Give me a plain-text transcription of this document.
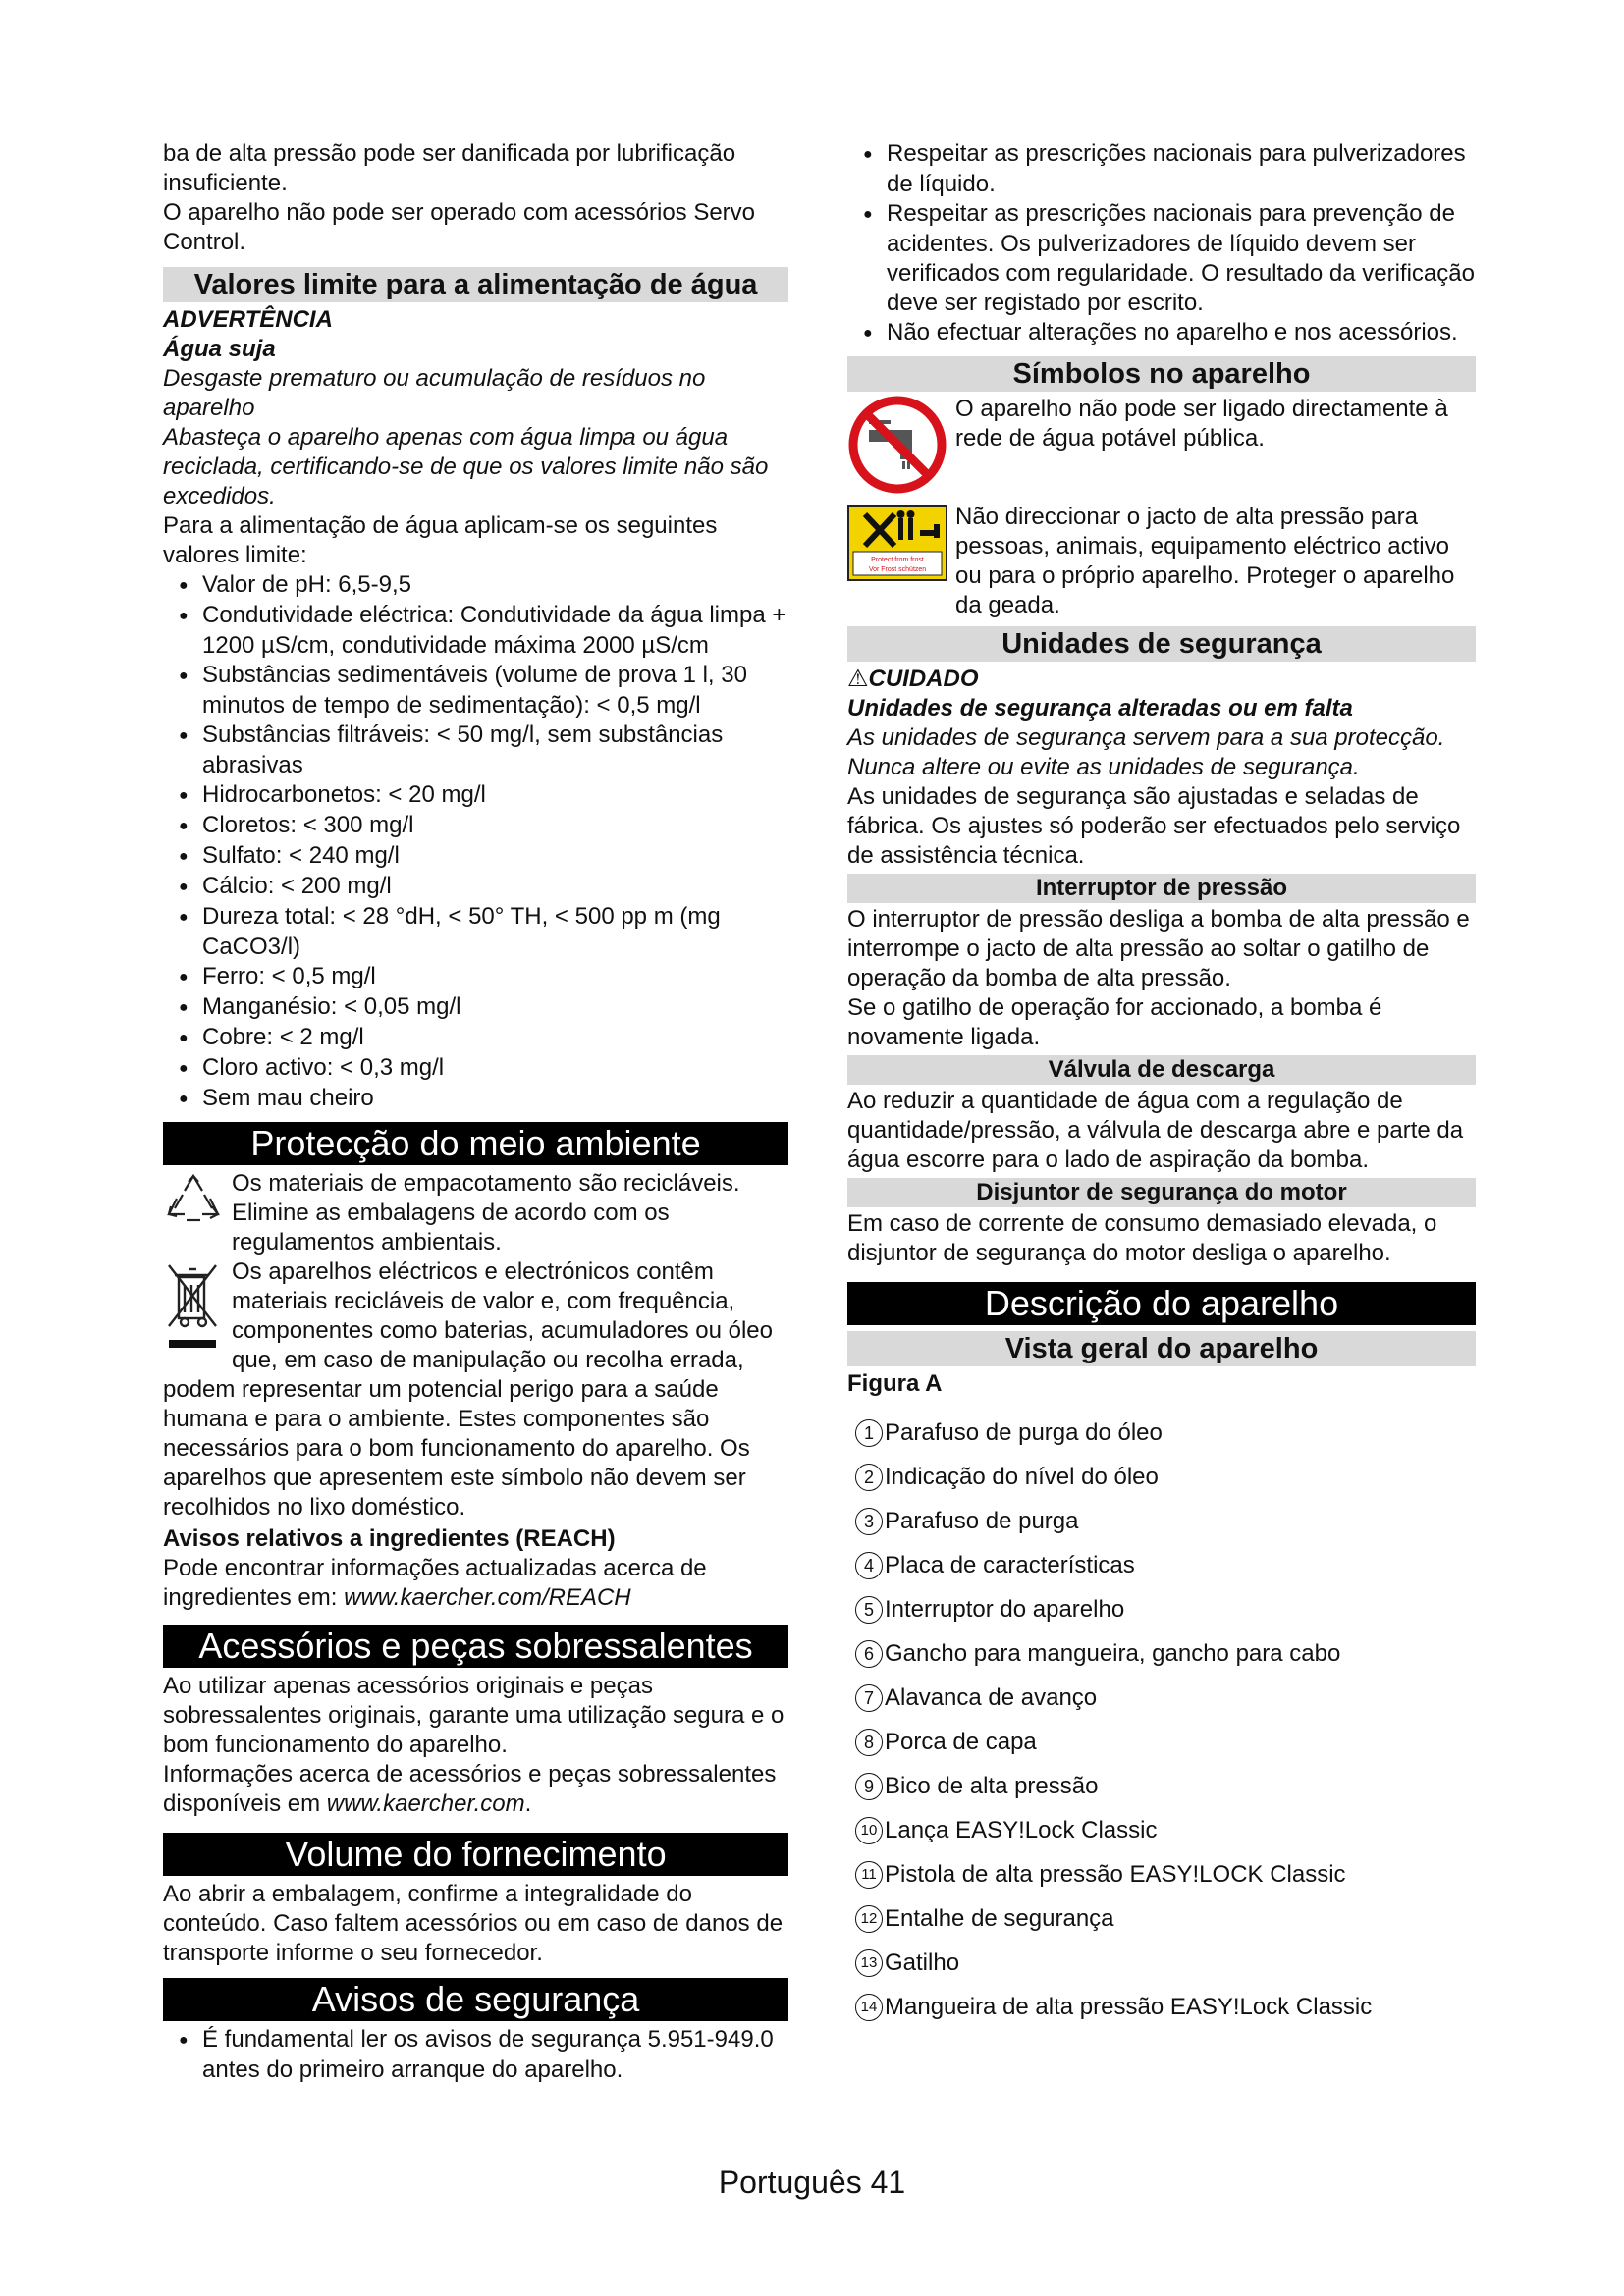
ba de alta pressão pode ser danificada por lubrificação insuficiente.

O aparelho não pode ser operado com acessórios Servo Control.

Valores limite para a alimentação de água

ADVERTÊNCIA

Água suja

Desgaste prematuro ou acumulação de resíduos no aparelho

Abasteça o aparelho apenas com água limpa ou água reciclada, certificando-se de que os valores limite não são excedidos.

Para a alimentação de água aplicam-se os seguintes valores limite:

● Valor de pH: 6,5-9,5
● Condutividade eléctrica: Condutividade da água limpa + 1200 µS/cm, condutividade máxima 2000 µS/cm
● Substâncias sedimentáveis (volume de prova 1 l, 30 minutos de tempo de sedimentação): < 0,5 mg/l
● Substâncias filtráveis: < 50 mg/l, sem substâncias abrasivas
● Hidrocarbonetos: < 20 mg/l
● Cloretos: < 300 mg/l
● Sulfato: < 240 mg/l
● Cálcio: < 200 mg/l
● Dureza total: < 28 °dH, < 50° TH, < 500 pp m (mg CaCO3/l)
● Ferro: < 0,5 mg/l
● Manganésio: < 0,05 mg/l
● Cobre: < 2 mg/l
● Cloro activo: < 0,3 mg/l
● Sem mau cheiro
Protecção do meio ambiente

Os materiais de empacotamento são recicláveis. Elimine as embalagens de acordo com os regulamentos ambientais.

Os aparelhos eléctricos e electrónicos contêm materiais recicláveis de valor e, com frequência, componentes como baterias, acumuladores ou óleo que, em caso de manipulação ou recolha errada, podem representar um potencial perigo para a saúde humana e para o ambiente. Estes componentes são necessários para o bom funcionamento do aparelho. Os aparelhos que apresentem este símbolo não devem ser recolhidos no lixo doméstico.

Avisos relativos a ingredientes (REACH)

Pode encontrar informações actualizadas acerca de ingredientes em: www.kaercher.com/REACH

Acessórios e peças sobressalentes

Ao utilizar apenas acessórios originais e peças sobressalentes originais, garante uma utilização segura e o bom funcionamento do aparelho.

Informações acerca de acessórios e peças sobressalentes disponíveis em www.kaercher.com.

Volume do fornecimento

Ao abrir a embalagem, confirme a integralidade do conteúdo. Caso faltem acessórios ou em caso de danos de transporte informe o seu fornecedor.

Avisos de segurança
● É fundamental ler os avisos de segurança 5.951-949.0 antes do primeiro arranque do aparelho.
● Respeitar as prescrições nacionais para pulverizadores de líquido.
● Respeitar as prescrições nacionais para prevenção de acidentes. Os pulverizadores de líquido devem ser verificados com regularidade. O resultado da verificação deve ser registado por escrito.
● Não efectuar alterações no aparelho e nos acessórios.
Símbolos no aparelho

O aparelho não pode ser ligado directamente à rede de água potável pública.

Protect from frost
Vor Frost schützen

Não direccionar o jacto de alta pressão para pessoas, animais, equipamento eléctrico activo ou para o próprio aparelho. Proteger o aparelho da geada.

Unidades de segurança

⚠CUIDADO

Unidades de segurança alteradas ou em falta

As unidades de segurança servem para a sua protecção.

Nunca altere ou evite as unidades de segurança.

As unidades de segurança são ajustadas e seladas de fábrica. Os ajustes só poderão ser efectuados pelo serviço de assistência técnica.

Interruptor de pressão

O interruptor de pressão desliga a bomba de alta pressão e interrompe o jacto de alta pressão ao soltar o gatilho de operação da bomba de alta pressão.

Se o gatilho de operação for accionado, a bomba é novamente ligada.

Válvula de descarga

Ao reduzir a quantidade de água com a regulação de quantidade/pressão, a válvula de descarga abre e parte da água escorre para o lado de aspiração da bomba.

Disjuntor de segurança do motor

Em caso de corrente de consumo demasiado elevada, o disjuntor de segurança do motor desliga o aparelho.

Descrição do aparelho
Vista geral do aparelho

Figura A

1 Parafuso de purga do óleo
2 Indicação do nível do óleo
3 Parafuso de purga
4 Placa de características
5 Interruptor do aparelho
6 Gancho para mangueira, gancho para cabo
7 Alavanca de avanço
8 Porca de capa
9 Bico de alta pressão
10 Lança EASY!Lock Classic
11 Pistola de alta pressão EASY!LOCK Classic
12 Entalhe de segurança
13 Gatilho
14 Mangueira de alta pressão EASY!Lock Classic
Português 41
